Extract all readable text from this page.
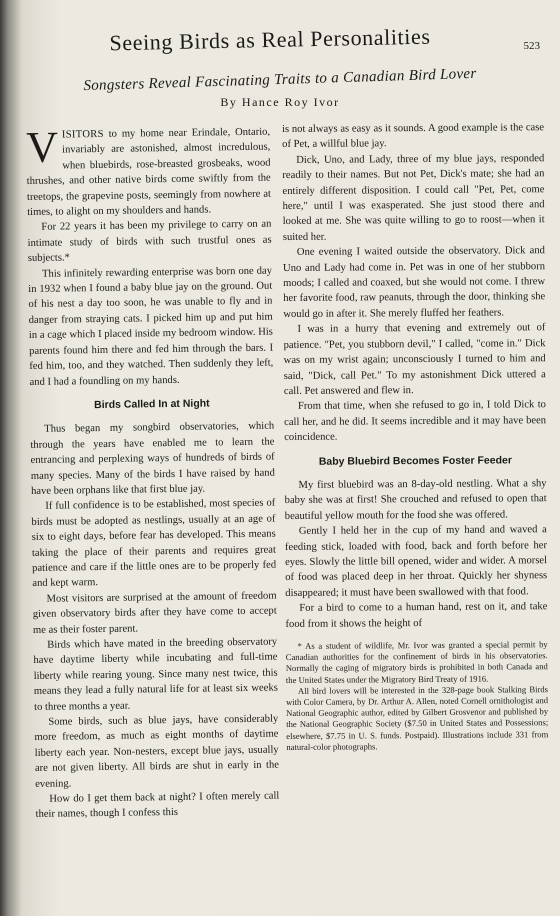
Seeing Birds as Real Personalities	523
Songsters Reveal Fascinating Traits to a Canadian Bird Lover
By Hance Roy Ivor

VISITORS to my home near Erindale, Ontario, invariably are astonished, almost incredulous, when bluebirds, rose-breasted grosbeaks, wood thrushes, and other native birds come swiftly from the treetops, the grapevine posts, seemingly from nowhere at times, to alight on my shoulders and hands.

For 22 years it has been my privilege to carry on an intimate study of birds with such trustful ones as subjects.*

This infinitely rewarding enterprise was born one day in 1932 when I found a baby blue jay on the ground. Out of his nest a day too soon, he was unable to fly and in danger from straying cats. I picked him up and put him in a cage which I placed inside my bedroom window. His parents found him there and fed him through the bars. I fed him, too, and they watched. Then suddenly they left, and I had a foundling on my hands.

Birds Called In at Night

Thus began my songbird observatories, which through the years have enabled me to learn the entrancing and perplexing ways of hundreds of birds of many species. Many of the birds I have raised by hand have been orphans like that first blue jay.

If full confidence is to be established, most species of birds must be adopted as nestlings, usually at an age of six to eight days, before fear has developed. This means taking the place of their parents and requires great patience and care if the little ones are to be properly fed and kept warm.

Most visitors are surprised at the amount of freedom given observatory birds after they have come to accept me as their foster parent.

Birds which have mated in the breeding observatory have daytime liberty while incubating and full-time liberty while rearing young. Since many nest twice, this means they lead a fully natural life for at least six weeks to three months a year.

Some birds, such as blue jays, have considerably more freedom, as much as eight months of daytime liberty each year. Non-nesters, except blue jays, usually are not given liberty. All birds are shut in early in the evening.

How do I get them back at night? I often merely call their names, though I confess this

is not always as easy as it sounds. A good example is the case of Pet, a willful blue jay.

Dick, Uno, and Lady, three of my blue jays, responded readily to their names. But not Pet, Dick's mate; she had an entirely different disposition. I could call "Pet, Pet, come here," until I was exasperated. She just stood there and looked at me. She was quite willing to go to roost—when it suited her.

One evening I waited outside the observatory. Dick and Uno and Lady had come in. Pet was in one of her stubborn moods; I called and coaxed, but she would not come. I threw her favorite food, raw peanuts, through the door, thinking she would go in after it. She merely fluffed her feathers.

I was in a hurry that evening and extremely out of patience. "Pet, you stubborn devil," I called, "come in." Dick was on my wrist again; unconsciously I turned to him and said, "Dick, call Pet." To my astonishment Dick uttered a call. Pet answered and flew in.

From that time, when she refused to go in, I told Dick to call her, and he did. It seems incredible and it may have been coincidence.

Baby Bluebird Becomes Foster Feeder

My first bluebird was an 8-day-old nestling. What a shy baby she was at first! She crouched and refused to open that beautiful yellow mouth for the food she was offered.

Gently I held her in the cup of my hand and waved a feeding stick, loaded with food, back and forth before her eyes. Slowly the little bill opened, wider and wider. A morsel of food was placed deep in her throat. Quickly her shyness disappeared; it must have been swallowed with that food.

For a bird to come to a human hand, rest on it, and take food from it shows the height of

* As a student of wildlife, Mr. Ivor was granted a special permit by Canadian authorities for the confinement of birds in his observatories. Normally the caging of migratory birds is prohibited in both Canada and the United States under the Migratory Bird Treaty of 1916.

All bird lovers will be interested in the 328-page book Stalking Birds with Color Camera, by Dr. Arthur A. Allen, noted Cornell ornithologist and National Geographic author, edited by Gilbert Grosvenor and published by the National Geographic Society ($7.50 in United States and Possessions; elsewhere, $7.75 in U. S. funds. Postpaid). Illustrations include 331 from natural-color photographs.
